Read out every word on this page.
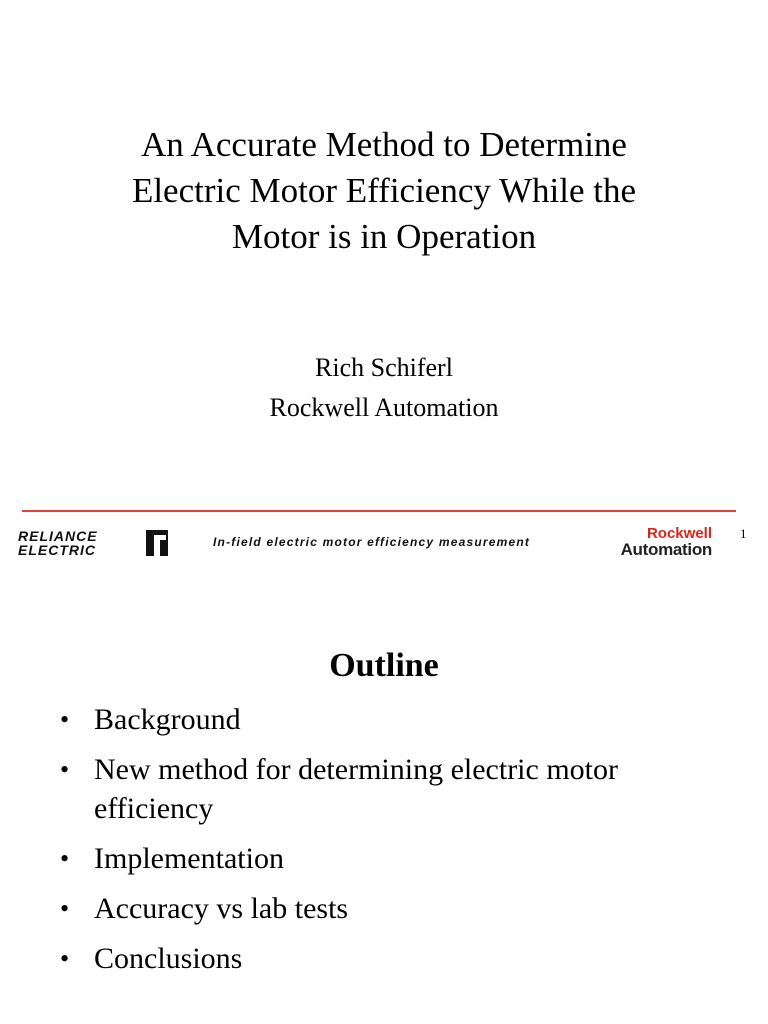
An Accurate Method to Determine
Electric Motor Efficiency While the
Motor is in Operation
Rich Schiferl
Rockwell Automation
RELIANCE
ELECTRIC	In-field electric motor efficiency measurement	Rockwell
Automation
1
Outline
• Background
• New method for determining electric motor efficiency
• Implementation
• Accuracy vs lab tests
• Conclusions
